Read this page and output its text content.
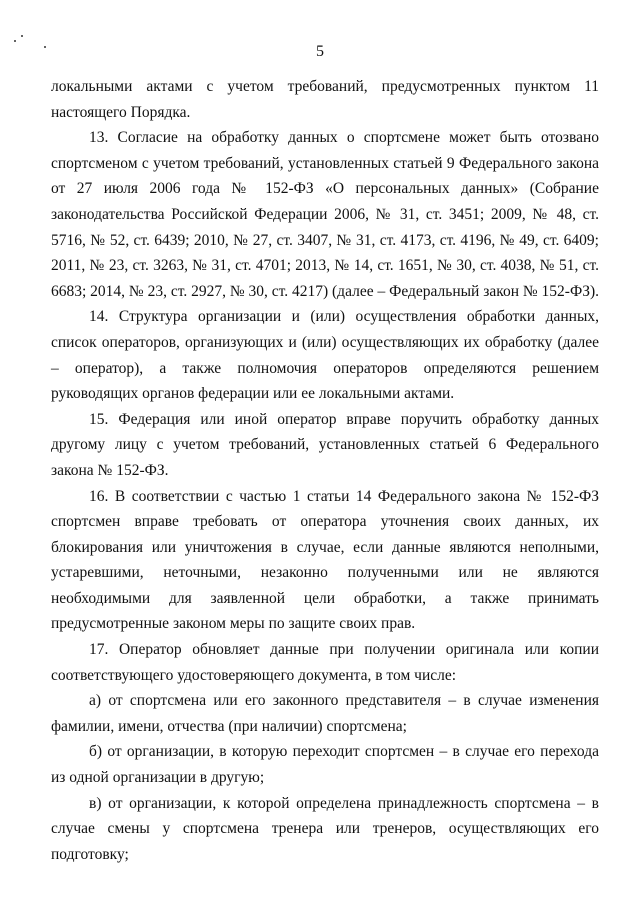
5

локальными актами с учетом требований, предусмотренных пунктом 11 настоящего Порядка.

13. Согласие на обработку данных о спортсмене может быть отозвано спортсменом с учетом требований, установленных статьей 9 Федерального закона от 27 июля 2006 года № 152-ФЗ «О персональных данных» (Собрание законодательства Российской Федерации 2006, № 31, ст. 3451; 2009, № 48, ст. 5716, № 52, ст. 6439; 2010, № 27, ст. 3407, № 31, ст. 4173, ст. 4196, № 49, ст. 6409; 2011, № 23, ст. 3263, № 31, ст. 4701; 2013, № 14, ст. 1651, № 30, ст. 4038, № 51, ст. 6683; 2014, № 23, ст. 2927, № 30, ст. 4217) (далее – Федеральный закон № 152-ФЗ).

14. Структура организации и (или) осуществления обработки данных, список операторов, организующих и (или) осуществляющих их обработку (далее – оператор), а также полномочия операторов определяются решением руководящих органов федерации или ее локальными актами.

15. Федерация или иной оператор вправе поручить обработку данных другому лицу с учетом требований, установленных статьей 6 Федерального закона № 152-ФЗ.

16. В соответствии с частью 1 статьи 14 Федерального закона № 152-ФЗ спортсмен вправе требовать от оператора уточнения своих данных, их блокирования или уничтожения в случае, если данные являются неполными, устаревшими, неточными, незаконно полученными или не являются необходимыми для заявленной цели обработки, а также принимать предусмотренные законом меры по защите своих прав.

17. Оператор обновляет данные при получении оригинала или копии соответствующего удостоверяющего документа, в том числе:

а) от спортсмена или его законного представителя – в случае изменения фамилии, имени, отчества (при наличии) спортсмена;

б) от организации, в которую переходит спортсмен – в случае его перехода из одной организации в другую;

в) от организации, к которой определена принадлежность спортсмена – в случае смены у спортсмена тренера или тренеров, осуществляющих его подготовку;
